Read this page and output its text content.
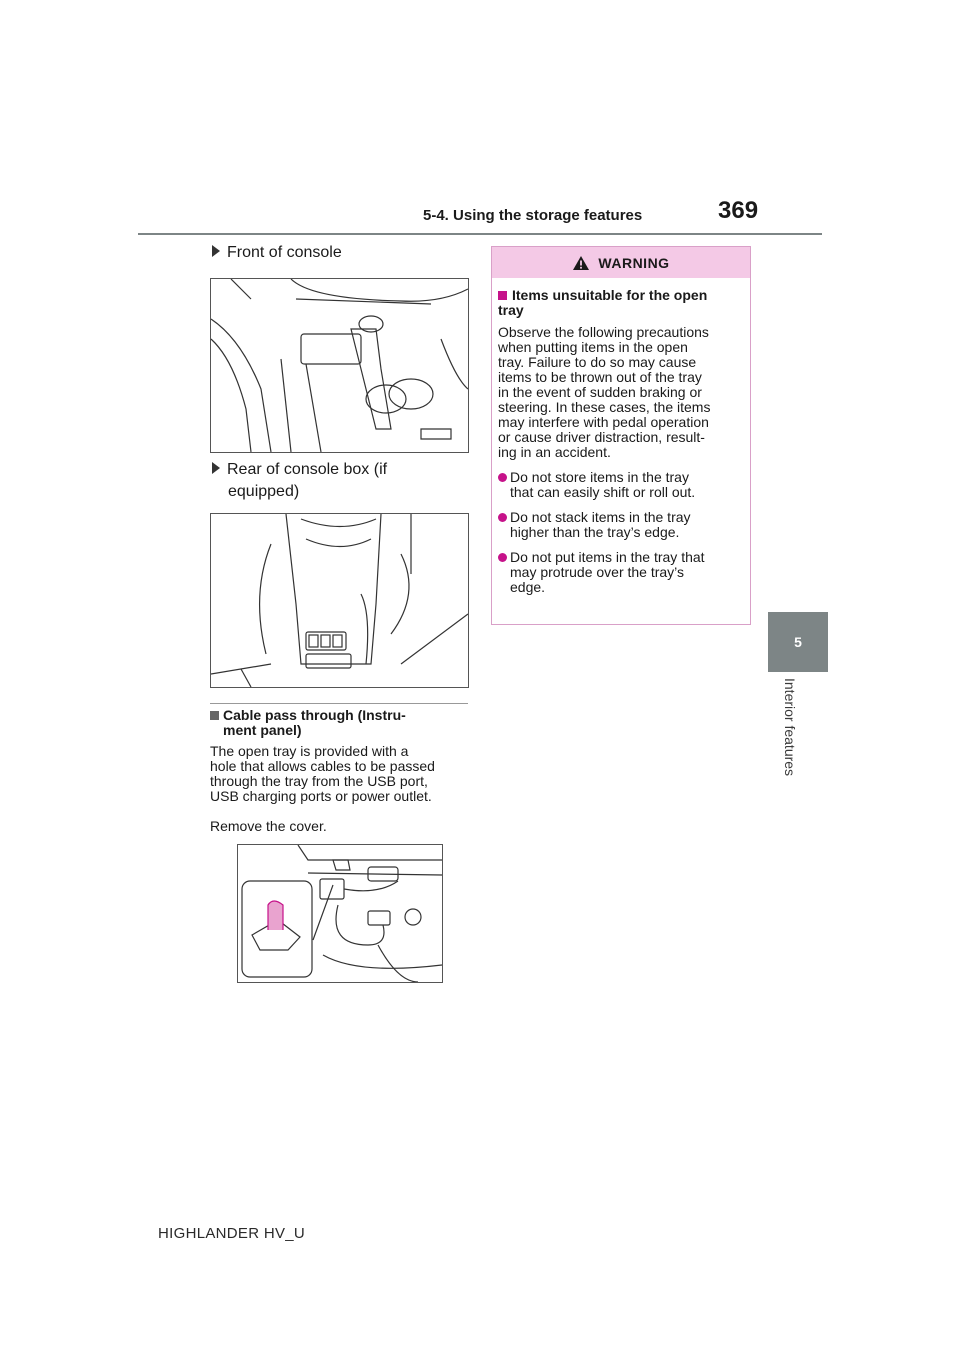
5-4. Using the storage features	369
5
Interior features
Front of console
Rear of console box (if
equipped)
Cable pass through (Instru-
ment panel)
The open tray is provided with a
hole that allows cables to be passed
through the tray from the USB port,
USB charging ports or power outlet.
Remove the cover.
WARNING
Items unsuitable for the open
tray
Observe the following precautions
when putting items in the open
tray. Failure to do so may cause
items to be thrown out of the tray
in the event of sudden braking or
steering. In these cases, the items
may interfere with pedal operation
or cause driver distraction, result-
ing in an accident.
Do not store items in the tray
that can easily shift or roll out.
Do not stack items in the tray
higher than the tray’s edge.
Do not put items in the tray that
may protrude over the tray’s
edge.
HIGHLANDER HV_U
